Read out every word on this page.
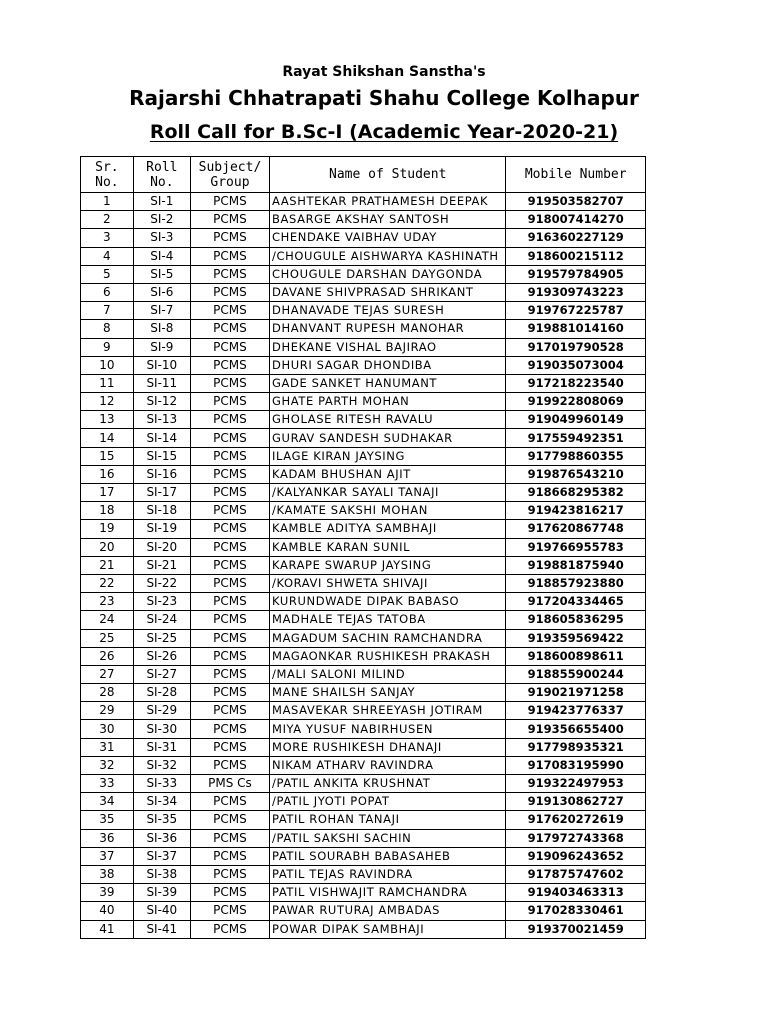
Rayat Shikshan Sanstha's
Rajarshi Chhatrapati Shahu College Kolhapur
Roll Call for B.Sc-I (Academic Year-2020-21)
Sr. No.	Roll No.	Subject/ Group	Name of Student	Mobile Number
1	SI-1	PCMS	AASHTEKAR PRATHAMESH DEEPAK	919503582707
2	SI-2	PCMS	BASARGE AKSHAY SANTOSH	918007414270
3	SI-3	PCMS	CHENDAKE VAIBHAV UDAY	916360227129
4	SI-4	PCMS	/CHOUGULE AISHWARYA KASHINATH	918600215112
5	SI-5	PCMS	CHOUGULE DARSHAN DAYGONDA	919579784905
6	SI-6	PCMS	DAVANE SHIVPRASAD SHRIKANT	919309743223
7	SI-7	PCMS	DHANAVADE TEJAS SURESH	919767225787
8	SI-8	PCMS	DHANVANT RUPESH MANOHAR	919881014160
9	SI-9	PCMS	DHEKANE VISHAL BAJIRAO	917019790528
10	SI-10	PCMS	DHURI SAGAR DHONDIBA	919035073004
11	SI-11	PCMS	GADE SANKET HANUMANT	917218223540
12	SI-12	PCMS	GHATE PARTH MOHAN	919922808069
13	SI-13	PCMS	GHOLASE RITESH RAVALU	919049960149
14	SI-14	PCMS	GURAV SANDESH SUDHAKAR	917559492351
15	SI-15	PCMS	ILAGE KIRAN JAYSING	917798860355
16	SI-16	PCMS	KADAM BHUSHAN AJIT	919876543210
17	SI-17	PCMS	/KALYANKAR SAYALI TANAJI	918668295382
18	SI-18	PCMS	/KAMATE SAKSHI MOHAN	919423816217
19	SI-19	PCMS	KAMBLE ADITYA SAMBHAJI	917620867748
20	SI-20	PCMS	KAMBLE KARAN SUNIL	919766955783
21	SI-21	PCMS	KARAPE SWARUP JAYSING	919881875940
22	SI-22	PCMS	/KORAVI SHWETA SHIVAJI	918857923880
23	SI-23	PCMS	KURUNDWADE DIPAK BABASO	917204334465
24	SI-24	PCMS	MADHALE TEJAS TATOBA	918605836295
25	SI-25	PCMS	MAGADUM SACHIN RAMCHANDRA	919359569422
26	SI-26	PCMS	MAGAONKAR RUSHIKESH PRAKASH	918600898611
27	SI-27	PCMS	/MALI SALONI MILIND	918855900244
28	SI-28	PCMS	MANE SHAILSH SANJAY	919021971258
29	SI-29	PCMS	MASAVEKAR SHREEYASH JOTIRAM	919423776337
30	SI-30	PCMS	MIYA YUSUF NABIRHUSEN	919356655400
31	SI-31	PCMS	MORE RUSHIKESH DHANAJI	917798935321
32	SI-32	PCMS	NIKAM ATHARV RAVINDRA	917083195990
33	SI-33	PMS Cs	/PATIL ANKITA KRUSHNAT	919322497953
34	SI-34	PCMS	/PATIL JYOTI POPAT	919130862727
35	SI-35	PCMS	PATIL ROHAN TANAJI	917620272619
36	SI-36	PCMS	/PATIL SAKSHI SACHIN	917972743368
37	SI-37	PCMS	PATIL SOURABH BABASAHEB	919096243652
38	SI-38	PCMS	PATIL TEJAS RAVINDRA	917875747602
39	SI-39	PCMS	PATIL VISHWAJIT RAMCHANDRA	919403463313
40	SI-40	PCMS	PAWAR RUTURAJ AMBADAS	917028330461
41	SI-41	PCMS	POWAR DIPAK SAMBHAJI	919370021459
